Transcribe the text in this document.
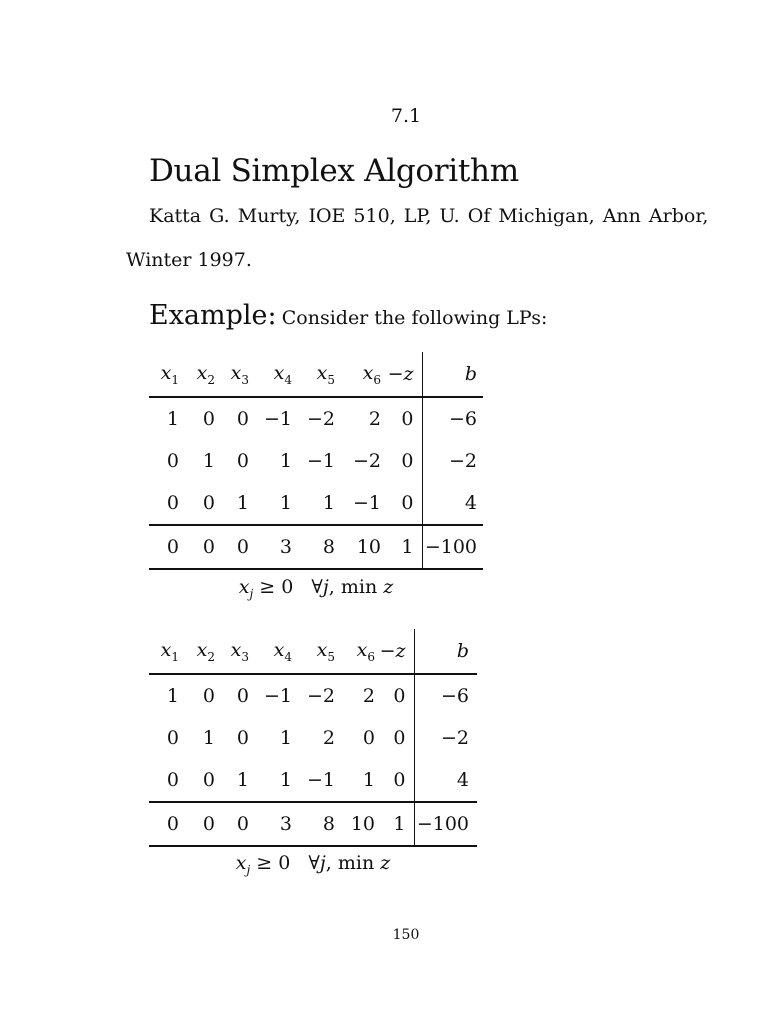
7.1
Dual Simplex Algorithm
Katta G. Murty, IOE 510, LP, U. Of Michigan, Ann Arbor,
Winter 1997.
Example: Consider the following LPs:
$x_1$	$x_2$	$x_3$	$x_4$	$x_5$	$x_6$	−z	b
1	0	0	−1	−2	2	0	−6
0	1	0	1	−1	−2	0	−2
0	0	1	1	1	−1	0	4
0	0	0	3	8	10	1	−100
$x_j \ge 0$ ∀j, min z
$x_1$	$x_2$	$x_3$	$x_4$	$x_5$	$x_6$	−z	b
1	0	0	−1	−2	2	0	−6
0	1	0	1	2	0	0	−2
0	0	1	1	−1	1	0	4
0	0	0	3	8	10	1	−100
$x_j \ge 0$ ∀j, min z
150
